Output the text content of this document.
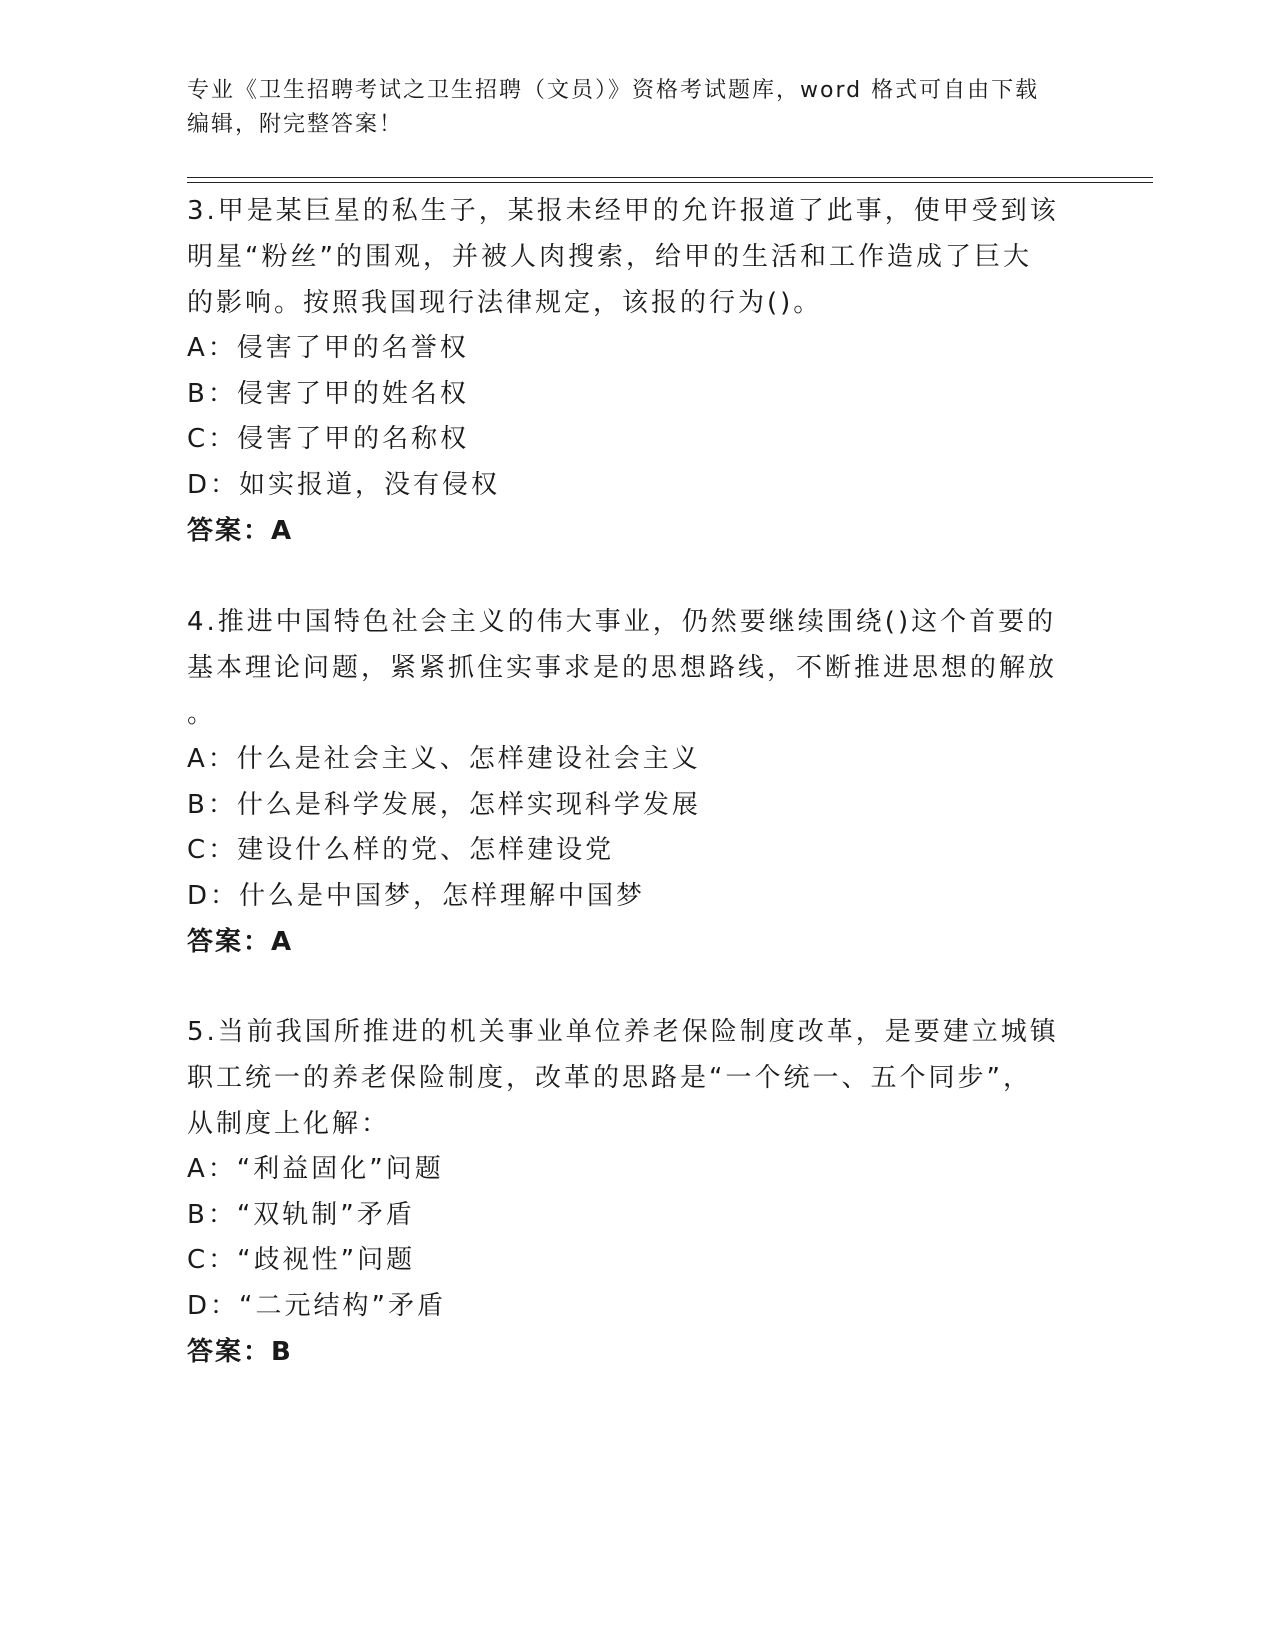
专业《卫生招聘考试之卫生招聘（文员）》资格考试题库，word 格式可自由下载
编辑，附完整答案！
3.甲是某巨星的私生子，某报未经甲的允许报道了此事，使甲受到该
明星“粉丝”的围观，并被人肉搜索，给甲的生活和工作造成了巨大
的影响。按照我国现行法律规定，该报的行为()。
A：侵害了甲的名誉权
B：侵害了甲的姓名权
C：侵害了甲的名称权
D：如实报道，没有侵权
答案：A
4.推进中国特色社会主义的伟大事业，仍然要继续围绕()这个首要的
基本理论问题，紧紧抓住实事求是的思想路线，不断推进思想的解放
。
A：什么是社会主义、怎样建设社会主义
B：什么是科学发展，怎样实现科学发展
C：建设什么样的党、怎样建设党
D：什么是中国梦，怎样理解中国梦
答案：A
5.当前我国所推进的机关事业单位养老保险制度改革，是要建立城镇
职工统一的养老保险制度，改革的思路是“一个统一、五个同步”，
从制度上化解：
A：“利益固化”问题
B：“双轨制”矛盾
C：“歧视性”问题
D：“二元结构”矛盾
答案：B
